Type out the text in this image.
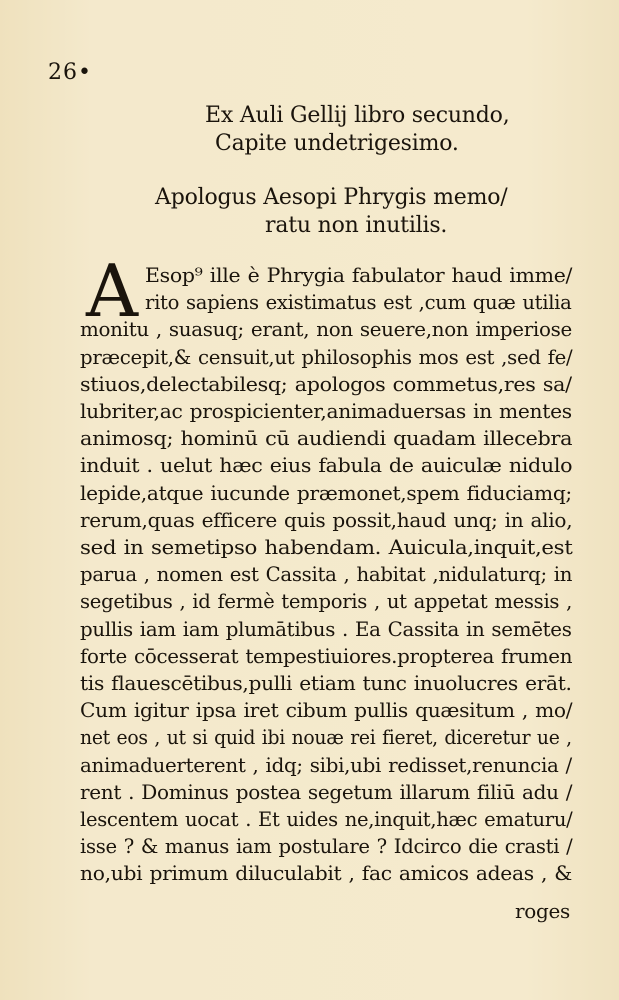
26•
Ex Auli Gellij libro secundo,
Capite undetrigesimo.
Apologus Aesopi Phrygis memo/
ratu non inutilis.
A Esop⁹ ille è Phrygia fabulator haud imme/
rito sapiens existimatus est ,cum quæ utilia
monitu , suasuq; erant, non seuere,non imperiose
præcepit,& censuit,ut philosophis mos est ,sed fe/
stiuos,delectabilesq; apologos commetus,res sa/
lubriter,ac prospicienter,animaduersas in mentes
animosq; hominū cū audiendi quadam illecebra
induit . uelut hæc eius fabula de auiculæ nidulo
lepide,atque iucunde præmonet,spem fiduciamq;
rerum,quas efficere quis possit,haud unq; in alio,
sed in semetipso habendam. Auicula,inquit,est
parua , nomen est Cassita , habitat ,nidulaturq; in
segetibus , id fermè temporis , ut appetat messis ,
pullis iam iam plumātibus . Ea Cassita in semētes
forte cōcesserat tempestiuiores.propterea frumen
tis flauescētibus,pulli etiam tunc inuolucres erāt.
Cum igitur ipsa iret cibum pullis quæsitum , mo/
net eos , ut si quid ibi nouæ rei fieret, diceretur ue ,
animaduerterent , idq; sibi,ubi redisset,renuncia /
rent . Dominus postea segetum illarum filiū adu /
lescentem uocat . Et uides ne,inquit,hæc ematuru/
isse ? & manus iam postulare ? Idcirco die crasti /
no,ubi primum diluculabit , fac amicos adeas , &
roges
